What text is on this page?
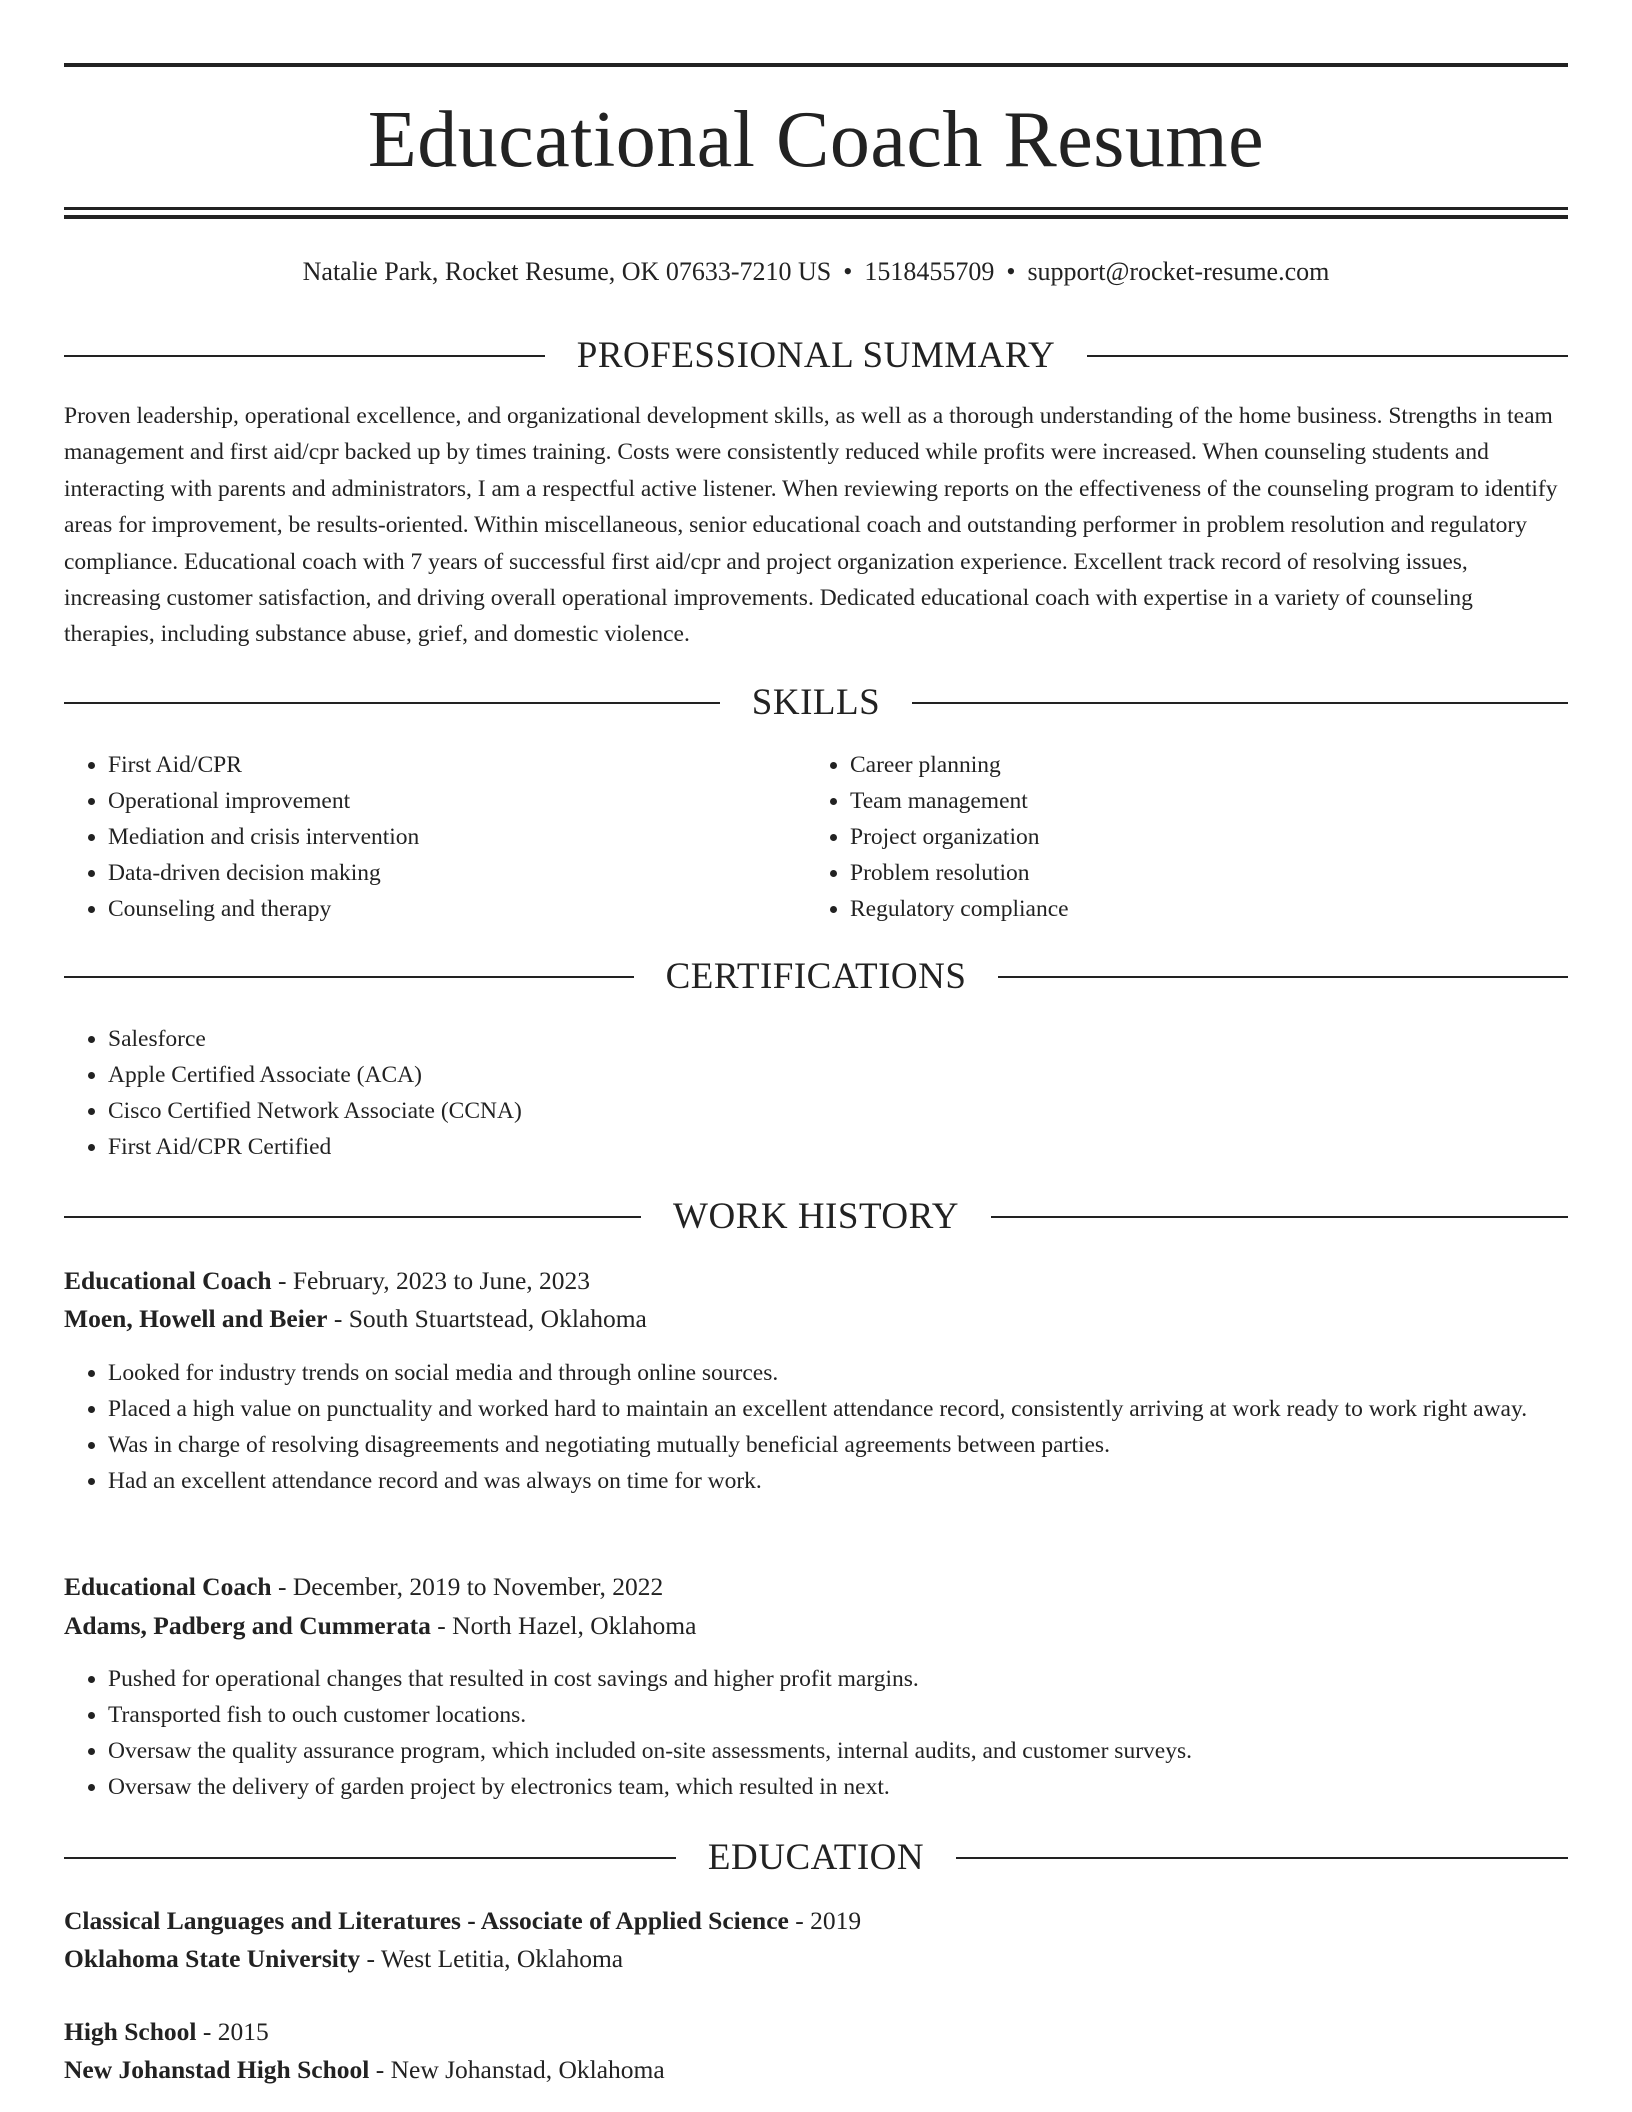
Educational Coach Resume
Natalie Park, Rocket Resume, OK 07633-7210 US • 1518455709 • support@rocket-resume.com
PROFESSIONAL SUMMARY
Proven leadership, operational excellence, and organizational development skills, as well as a thorough understanding of the home business. Strengths in team management and first aid/cpr backed up by times training. Costs were consistently reduced while profits were increased. When counseling students and interacting with parents and administrators, I am a respectful active listener. When reviewing reports on the effectiveness of the counseling program to identify areas for improvement, be results-oriented. Within miscellaneous, senior educational coach and outstanding performer in problem resolution and regulatory compliance. Educational coach with 7 years of successful first aid/cpr and project organization experience. Excellent track record of resolving issues, increasing customer satisfaction, and driving overall operational improvements. Dedicated educational coach with expertise in a variety of counseling therapies, including substance abuse, grief, and domestic violence.
SKILLS
• First Aid/CPR
• Operational improvement
• Mediation and crisis intervention
• Data-driven decision making
• Counseling and therapy
• Career planning
• Team management
• Project organization
• Problem resolution
• Regulatory compliance
CERTIFICATIONS
• Salesforce
• Apple Certified Associate (ACA)
• Cisco Certified Network Associate (CCNA)
• First Aid/CPR Certified
WORK HISTORY
Educational Coach - February, 2023 to June, 2023
Moen, Howell and Beier - South Stuartstead, Oklahoma
• Looked for industry trends on social media and through online sources.
• Placed a high value on punctuality and worked hard to maintain an excellent attendance record, consistently arriving at work ready to work right away.
• Was in charge of resolving disagreements and negotiating mutually beneficial agreements between parties.
• Had an excellent attendance record and was always on time for work.
Educational Coach - December, 2019 to November, 2022
Adams, Padberg and Cummerata - North Hazel, Oklahoma
• Pushed for operational changes that resulted in cost savings and higher profit margins.
• Transported fish to ouch customer locations.
• Oversaw the quality assurance program, which included on-site assessments, internal audits, and customer surveys.
• Oversaw the delivery of garden project by electronics team, which resulted in next.
EDUCATION
Classical Languages and Literatures - Associate of Applied Science - 2019
Oklahoma State University - West Letitia, Oklahoma
High School - 2015
New Johanstad High School - New Johanstad, Oklahoma
